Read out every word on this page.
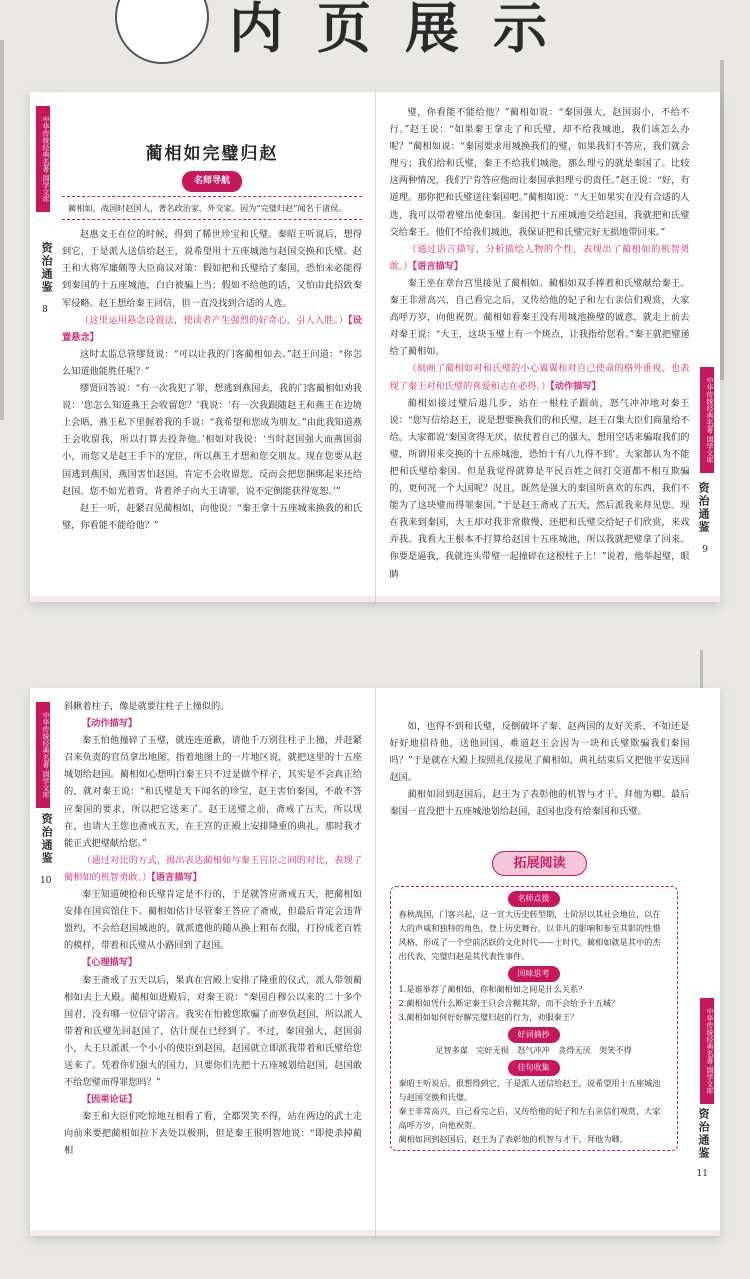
内页展示
中华传统经典名著·国学文库
资治通鉴
8
蔺相如完璧归赵
名师导航
蔺相如，战国时赵国人，著名政治家、外交家。因为“完璧归赵”闻名于诸侯。

赵惠文王在位的时候，得到了稀世珍宝和氏璧。秦昭王听说后，想得到它，于是派人送信给赵王，说希望用十五座城池与赵国交换和氏璧。赵王和大将军廉颇等大臣商议对策：假如把和氏璧给了秦国，恐怕未必能得到秦国的十五座城池，白白被骗上当；假如不给他的话，又怕由此招致秦军侵略。赵王想给秦王回信，但一直没找到合适的人选。

（这里运用悬念设置法，使读者产生强烈的好奇心，引人入胜。）【设置悬念】

这时太监总管缪贤说：“可以让我的门客蔺相如去。”赵王问道：“你怎么知道他能胜任呢？”

缪贤回答说：“有一次我犯了罪，想逃到燕国去，我的门客蔺相如劝我说：‘您怎么知道燕王会收留您？’我说：‘有一次我跟随赵王和燕王在边境上会晤，燕王私下里握着我的手说：“我希望和您成为朋友。”由此我知道燕王会收留我，所以打算去投奔他。’相如对我说：‘当时赵国强大而燕国弱小，而您又是赵王手下的宠臣，所以燕王才想和您交朋友。现在您要从赵国逃到燕国，燕国害怕赵国，肯定不会收留您，反而会把您捆绑起来还给赵国。您不如光着背，背着斧子向大王请罪，说不定倒能获得宽恕。’”

赵王一听，赶紧召见蔺相如，向他说：“秦王拿十五座城来换我的和氏璧，你看能不能给他？”

中华传统经典名著·国学文库
资治通鉴
9

璧，你看能不能给他？”蔺相如说：“秦国强大，赵国弱小，不给不行。”赵王说：“如果秦王拿走了和氏璧，却不给我城池，我们该怎么办呢？”蔺相如说：“秦国要求用城换我们的璧，如果我们不答应，我们就会理亏；我们给和氏璧，秦王不给我们城池，那么理亏的就是秦国了。比较这两种情况，我们宁肯答应他而让秦国承担理亏的责任。”赵王说：“好，有道理。那你把和氏璧送往秦国吧。”蔺相如说：“大王如果实在没有合适的人选，我可以带着璧出使秦国。秦国把十五座城池交给赵国，我就把和氏璧交给秦王。他们不给我们城池，我保证把和氏璧完好无损地带回来。”

（通过语言描写，分析描绘人物的个性，表现出了蔺相如的机智勇敢。）【语言描写】

秦王坐在章台宫里接见了蔺相如。蔺相如双手捧着和氏璧献给秦王。秦王非常高兴，自己看完之后，又传给他的妃子和左右亲信们观赏，大家高呼万岁，向他祝贺。蔺相如看秦王没有用城池换璧的诚意，就走上前去对秦王说：“大王，这块玉璧上有一个斑点，让我指给您看。”秦王就把璧递给了蔺相如。

（刻画了蔺相如对和氏璧的小心翼翼和对自己使命的格外重视，也表现了秦王对和氏璧的喜爱和志在必得。）【动作描写】

蔺相如接过璧后退几步，站在一根柱子跟前，怒气冲冲地对秦王说：“您写信给赵王，说是想要换我们的和氏璧，赵王召集大臣们商量给不给。大家都说‘秦国贪得无厌，依仗着自己的强大，想用空话来骗取我们的璧，所谓用来交换的十五座城池，恐怕十有八九得不到’。大家都认为不能把和氏璧给秦国。但是我觉得就算是平民百姓之间打交道都不相互欺骗的，更何况一个大国呢？况且，既然是强大的秦国所喜欢的东西，我们不能为了这块璧而得罪秦国。”于是赵王斋戒了五天，然后派我来拜见您。现在我来到秦国，大王却对我非常傲慢，还把和氏璧交给妃子们欣赏，来戏弄我。我看大王根本不打算给赵国十五座城池，所以我就把璧拿了回来。你要是逼我，我就连头带璧一起撞碎在这根柱子上！”说着，他举起璧，眼睛

中华传统经典名著·国学文库
资治通鉴
10

斜瞅着柱子，像是就要往柱子上撞似的。

【动作描写】

秦王怕他撞碎了玉璧，就连连道歉，请他千万别往柱子上撞，并赶紧召来负责的官员拿出地图，指着地图上的一片地区说，就把这里的十五座城划给赵国。蔺相如心想明白秦王只不过是做个样子，其实是不会真正给的，就对秦王说：“和氏璧是天下闻名的珍宝，赵王害怕秦国，不敢不答应秦国的要求，所以把它送来了。赵王送璧之前，斋戒了五天，所以现在，也请大王您也斋戒五天，在王宫的正殿上安排隆重的典礼，那时我才能正式把璧献给您。”

（通过对比的方式，揭出表达蔺相如与秦王宫臣之间的对比，表现了蔺相如的机智勇敢。）【语言描写】

秦王知道硬抢和氏璧肯定是不行的，于是就答应斋戒五天，把蔺相如安排在国宾馆住下。蔺相如估计尽管秦王答应了斋戒，但最后肯定会违背盟约，不会给赵国城池的，就派遣他的随从换上粗布衣服，打扮成老百姓的模样，带着和氏璧从小路回到了赵国。

【心理描写】

秦王斋戒了五天以后，果真在宫殿上安排了隆重的仪式，派人带领蔺相如去上大殿。蔺相如进殿后，对秦王说：“秦国自穆公以来的二十多个国君，没有哪一位信守诺言。我实在怕被您欺骗了而辜负赵国，所以派人带着和氏璧先回赵国了，估计现在已经到了。不过，秦国强大，赵国弱小，大王只派派一个小小的使臣到赵国，赵国就立即派我带着和氏璧给您送来了。凭着你们强大的国力，只要你们先把十五座城划给赵国，赵国敢不给您璧而得罪您吗？”

【因果论证】

秦王和大臣们吃惊地互相看了看，全都哭笑不得，站在两边的武士走向前来要把蔺相如拉下去处以极刑，但是秦王很明智地说：“即使杀掉蔺相

中华传统经典名著·国学文库
资治通鉴
11

如，也得不到和氏璧，反倒破坏了秦、赵两国的友好关系，不如还是好好地招待他，送他回国，难道赵王会因为一块和氏璧欺骗我们秦国吗？”于是就在大殿上按照礼仪接见了蔺相如，典礼结束后又把他平安送回赵国。

蔺相如回到赵国后，赵王为了表彰他的机智与才干，拜他为卿。最后秦国一直没把十五座城池划给赵国，赵国也没有给秦国和氏璧。

拓展阅读
名师点拨
春秋战国，门客兴起，这一宣大历史转型期，士阶层以其社会地位，以在大的声威和独特的角色，登上历史舞台，以非凡的影响和参至其影的性惜风格，形成了一个空前活跃的文化时代——士时代。蔺相如就是其中的杰出代表，完璧归赵是其代表性事件。
回味思考
1.是谁举荐了蔺相如，你和蔺相如之间是什么关系？
2.蔺相如凭什么断定秦王只会含糊其辞，而不会给予十五城？
3.蔺相如如何好好解完璧归赵的行为，劝服秦王？
好词摘抄
足智多谋　完好无损　怒气冲冲　贪得无厌　哭笑不得
佳句收集
秦昭王听说后，很想得到它，于是派人送信给赵王，说希望用十五座城池与赵国交换和氏璧。
秦王非常高兴，自己看完之后，又传给他的妃子和左右亲信们观赏，大家高呼万岁，向他祝贺。
蔺相如回到赵国后，赵王为了表彰他的机智与才干，拜他为卿。
